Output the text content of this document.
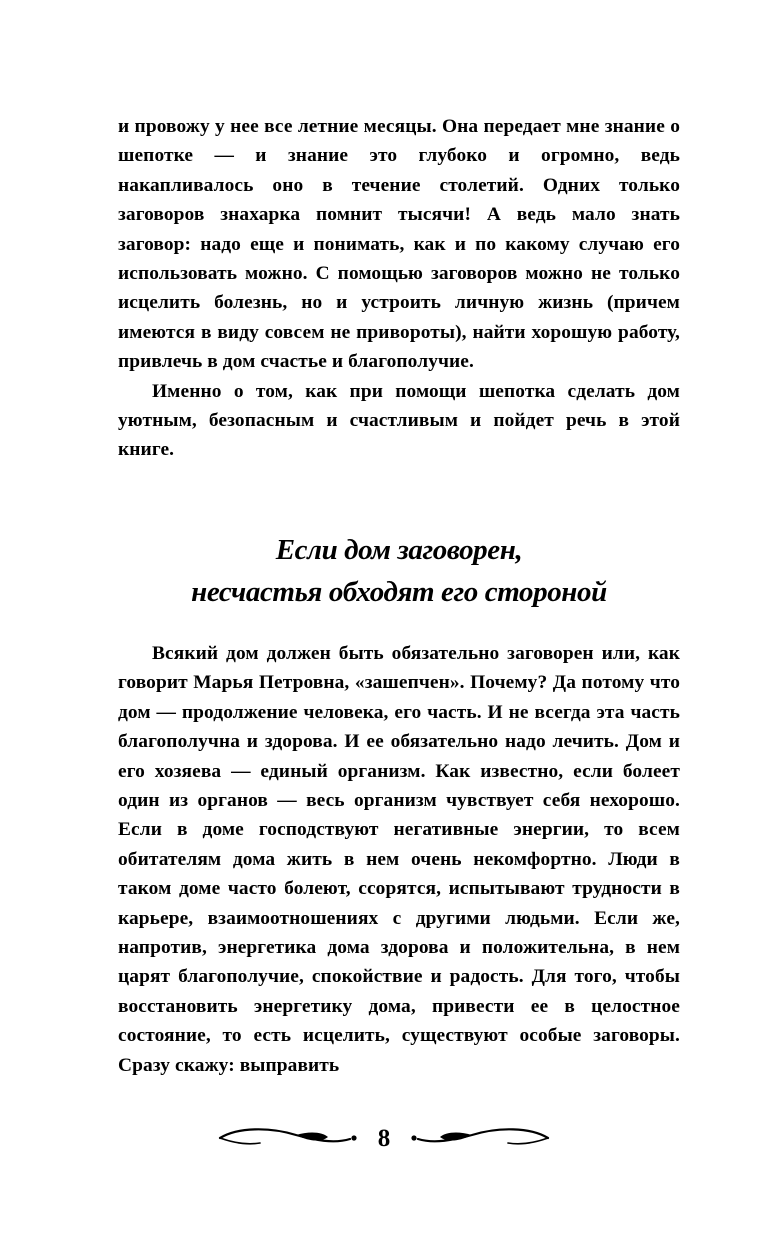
и провожу у нее все летние месяцы. Она передает мне знание о шепотке — и знание это глубоко и огромно, ведь накапливалось оно в течение столетий. Одних только заговоров знахарка помнит тысячи! А ведь мало знать заговор: надо еще и понимать, как и по какому случаю его использовать можно. С помощью заговоров можно не только исцелить болезнь, но и устроить личную жизнь (причем имеются в виду совсем не привороты), найти хорошую работу, привлечь в дом счастье и благополучие.

Именно о том, как при помощи шепотка сделать дом уютным, безопасным и счастливым и пойдет речь в этой книге.

Если дом заговорен,
несчастья обходят его стороной

Всякий дом должен быть обязательно заговорен или, как говорит Марья Петровна, «зашепчен». Почему? Да потому что дом — продолжение человека, его часть. И не всегда эта часть благополучна и здорова. И ее обязательно надо лечить. Дом и его хозяева — единый организм. Как известно, если болеет один из органов — весь организм чувствует себя нехорошо. Если в доме господствуют негативные энергии, то всем обитателям дома жить в нем очень некомфортно. Люди в таком доме часто болеют, ссорятся, испытывают трудности в карьере, взаимоотношениях с другими людьми. Если же, напротив, энергетика дома здорова и положительна, в нем царят благополучие, спокойствие и радость. Для того, чтобы восстановить энергетику дома, привести ее в целостное состояние, то есть исцелить, существуют особые заговоры. Сразу скажу: выправить

8
